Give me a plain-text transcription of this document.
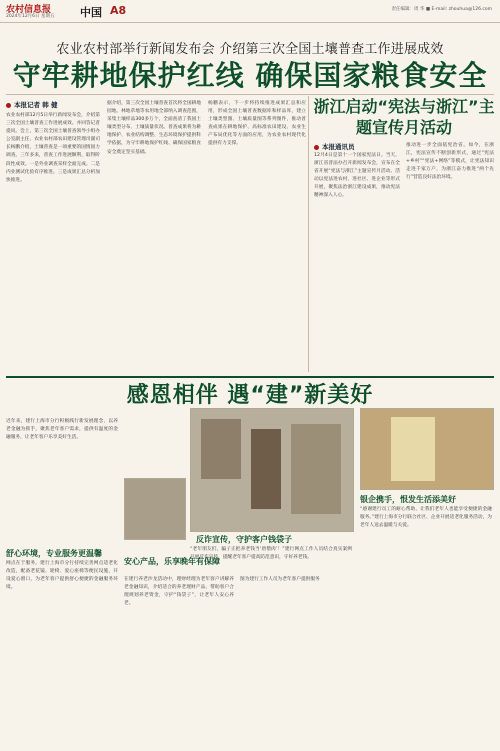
农村信息报
2024年12月6日 星期五 中国 A8	责任编辑：周 华 ■ E-mail: zhouhua@126.com
农业农村部举行新闻发布会 介绍第三次全国土壤普查工作进展成效
守牢耕地保护红线 确保国家粮食安全
本报记者 韩 健
农业农村部12月5日举行新闻发布会，介绍第三次全国土壤普查工作进展成效。并回答记者提问。会上，第三次全国土壤普查领导小组办公室副主任、农业农村部农田建设管理司副司长杨鹏介绍，土壤普查是一项重要的国情国力调查，三年多来，普查工作进展顺利，取得阶段性成效。一是外业调查采样全面完成。二是内业测试化验有序推进。三是成果汇总分析加快推进。
据介绍，第三次全国土壤普查首次将全国耕地园地、林地草地等农用地全部纳入调查范围，采集土壤样品300多万个，全面查清了我国土壤类型分布、土壤质量状况。普查成果将为耕地保护、农业结构调整、生态环境保护提供科学依据，为守牢耕地保护红线、确保国家粮食安全奠定坚实基础。
杨鹏表示，下一步将持续推进成果汇总和应用，形成全国土壤普查数据库和样品库，建立土壤类型图、土壤质量图等系列图件，推动普查成果在耕地保护、高标准农田建设、农业生产布局优化等方面的应用，为农业农村现代化提供有力支撑。
浙江启动“宪法与浙江”主题宣传月活动
本报通讯员
12月4日是第十一个国家宪法日。当天，浙江省普法办召开新闻发布会，宣布在全省开展“宪法与浙江”主题宣传月活动。活动以宪法进农村、进社区、进企业等形式开展，聚焦法治浙江建设成果，推动宪法精神深入人心。
推动进一步全面依宪治省。如今，在浙江，宪法宣传不断创新形式，通过“宪法+乡村”“宪法+网络”等模式，让宪法知识走进千家万户，为浙江奋力推进“两个先行”营造良好法治环境。
感恩相伴 遇“建”新美好
近年来，建行上海市分行积极践行新发展理念，以养老金融为抓手，聚焦老年客户需求，提供有温度的金融服务，让老年客户乐享美好生活。
反诈宣传，守护客户钱袋子
“老年朋友们，骗子正把养老钱当‘唐僧肉’！”建行网点工作人员结合真实案例开展反诈宣传，提醒老年客户提高防范意识，守好养老钱。
银企携手，恨发生活添美好
“感谢建行员工的耐心帮助，让我们老年人也能享受便捷的金融服务。”建行上海市分行联合社区、企业开展适老化服务活动，为老年人送去温暖与关爱。
舒心环境，专业服务更温馨
网点在于服务。建行上海市分行持续完善网点适老化改造，配备老花镜、轮椅、爱心座椅等便民设施，开设爱心窗口，为老年客户提供舒心便捷的金融服务环境。
安心产品，乐享晚年有保障
在建行养老沙龙活动中，理财经理为老年客户讲解养老金融知识，介绍适合的养老理财产品，帮助客户合理规划养老资金，守护“钱袋子”，让老年人安心养老。
图为建行工作人员为老年客户提供服务
